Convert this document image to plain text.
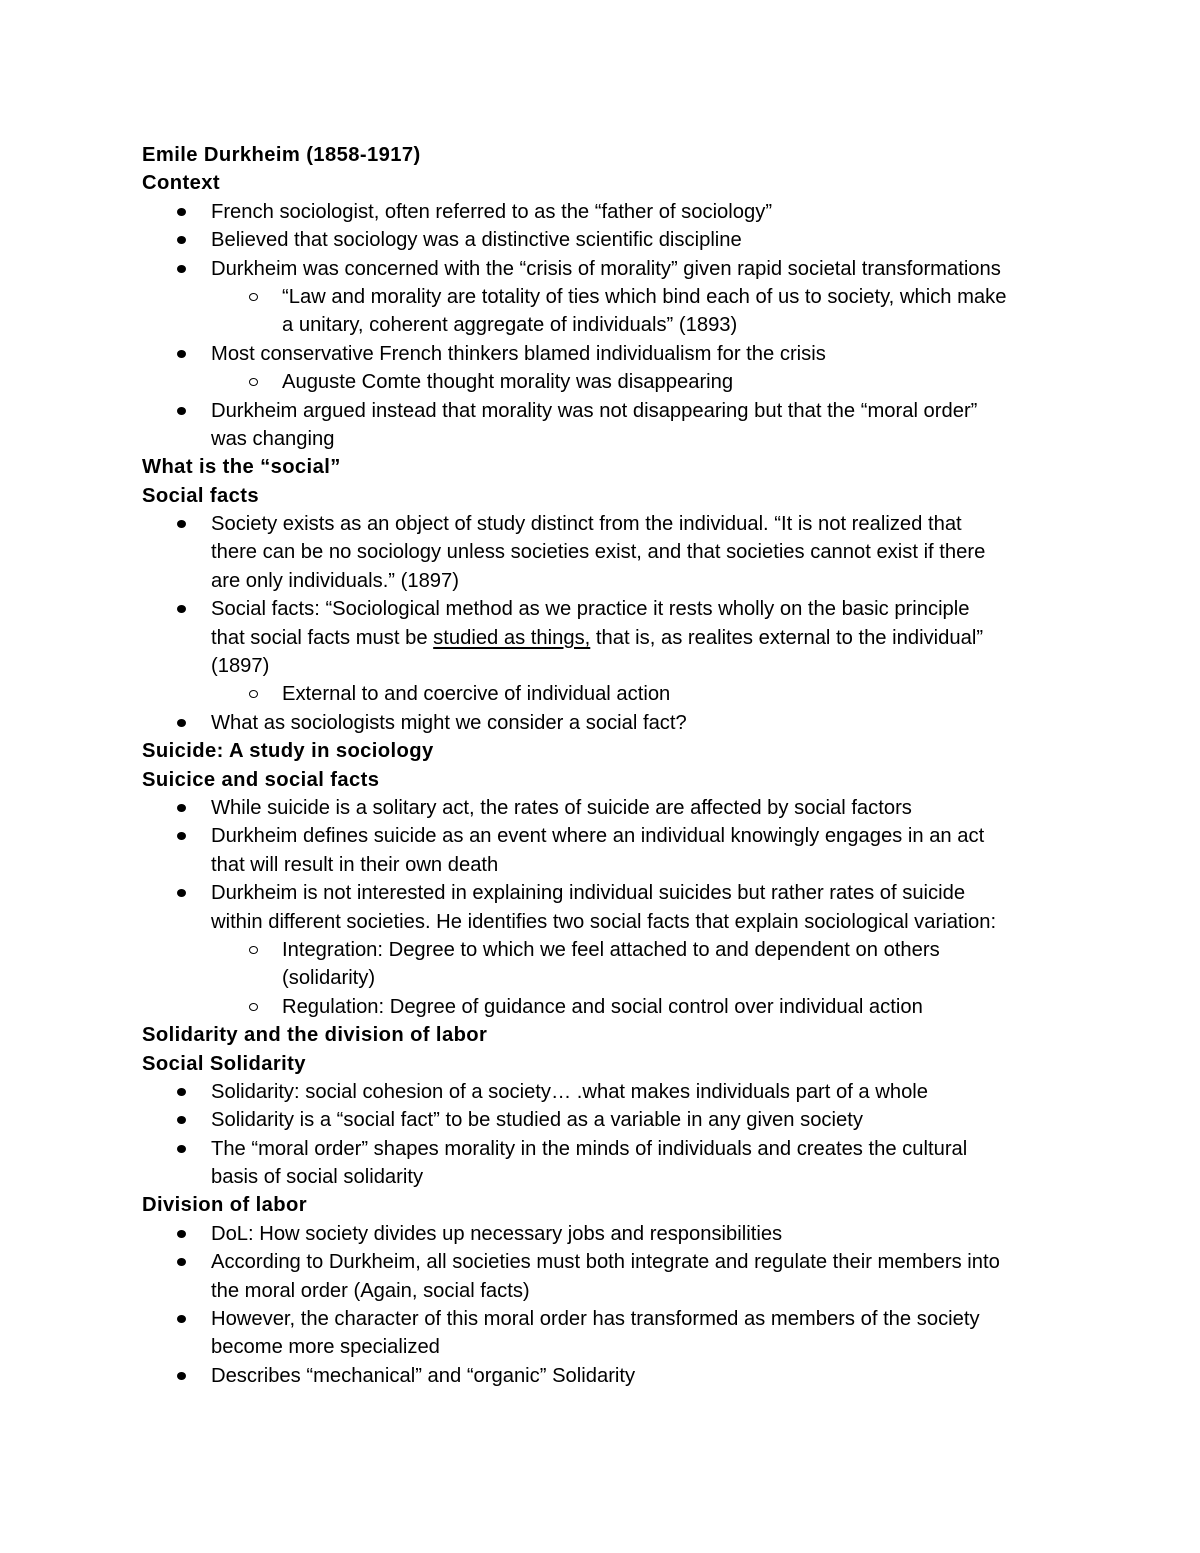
Emile Durkheim (1858-1917)
Context
French sociologist, often referred to as the “father of sociology”
Believed that sociology was a distinctive scientific discipline
Durkheim was concerned with the “crisis of morality” given rapid societal transformations
“Law and morality are totality of ties which bind each of us to society, which make
a unitary, coherent aggregate of individuals” (1893)
Most conservative French thinkers blamed individualism for the crisis
Auguste Comte thought morality was disappearing
Durkheim argued instead that morality was not disappearing but that the “moral order”
was changing
What is the “social”
Social facts
Society exists as an object of study distinct from the individual. “It is not realized that
there can be no sociology unless societies exist, and that societies cannot exist if there
are only individuals.” (1897)
Social facts: “Sociological method as we practice it rests wholly on the basic principle
that social facts must be studied as things, that is, as realites external to the individual”
(1897)
External to and coercive of individual action
What as sociologists might we consider a social fact?
Suicide: A study in sociology
Suicice and social facts
While suicide is a solitary act, the rates of suicide are affected by social factors
Durkheim defines suicide as an event where an individual knowingly engages in an act
that will result in their own death
Durkheim is not interested in explaining individual suicides but rather rates of suicide
within different societies. He identifies two social facts that explain sociological variation:
Integration: Degree to which we feel attached to and dependent on others
(solidarity)
Regulation: Degree of guidance and social control over individual action
Solidarity and the division of labor
Social Solidarity
Solidarity: social cohesion of a society… .what makes individuals part of a whole
Solidarity is a “social fact” to be studied as a variable in any given society
The “moral order” shapes morality in the minds of individuals and creates the cultural
basis of social solidarity
Division of labor
DoL: How society divides up necessary jobs and responsibilities
According to Durkheim, all societies must both integrate and regulate their members into
the moral order (Again, social facts)
However, the character of this moral order has transformed as members of the society
become more specialized
Describes “mechanical” and “organic” Solidarity
